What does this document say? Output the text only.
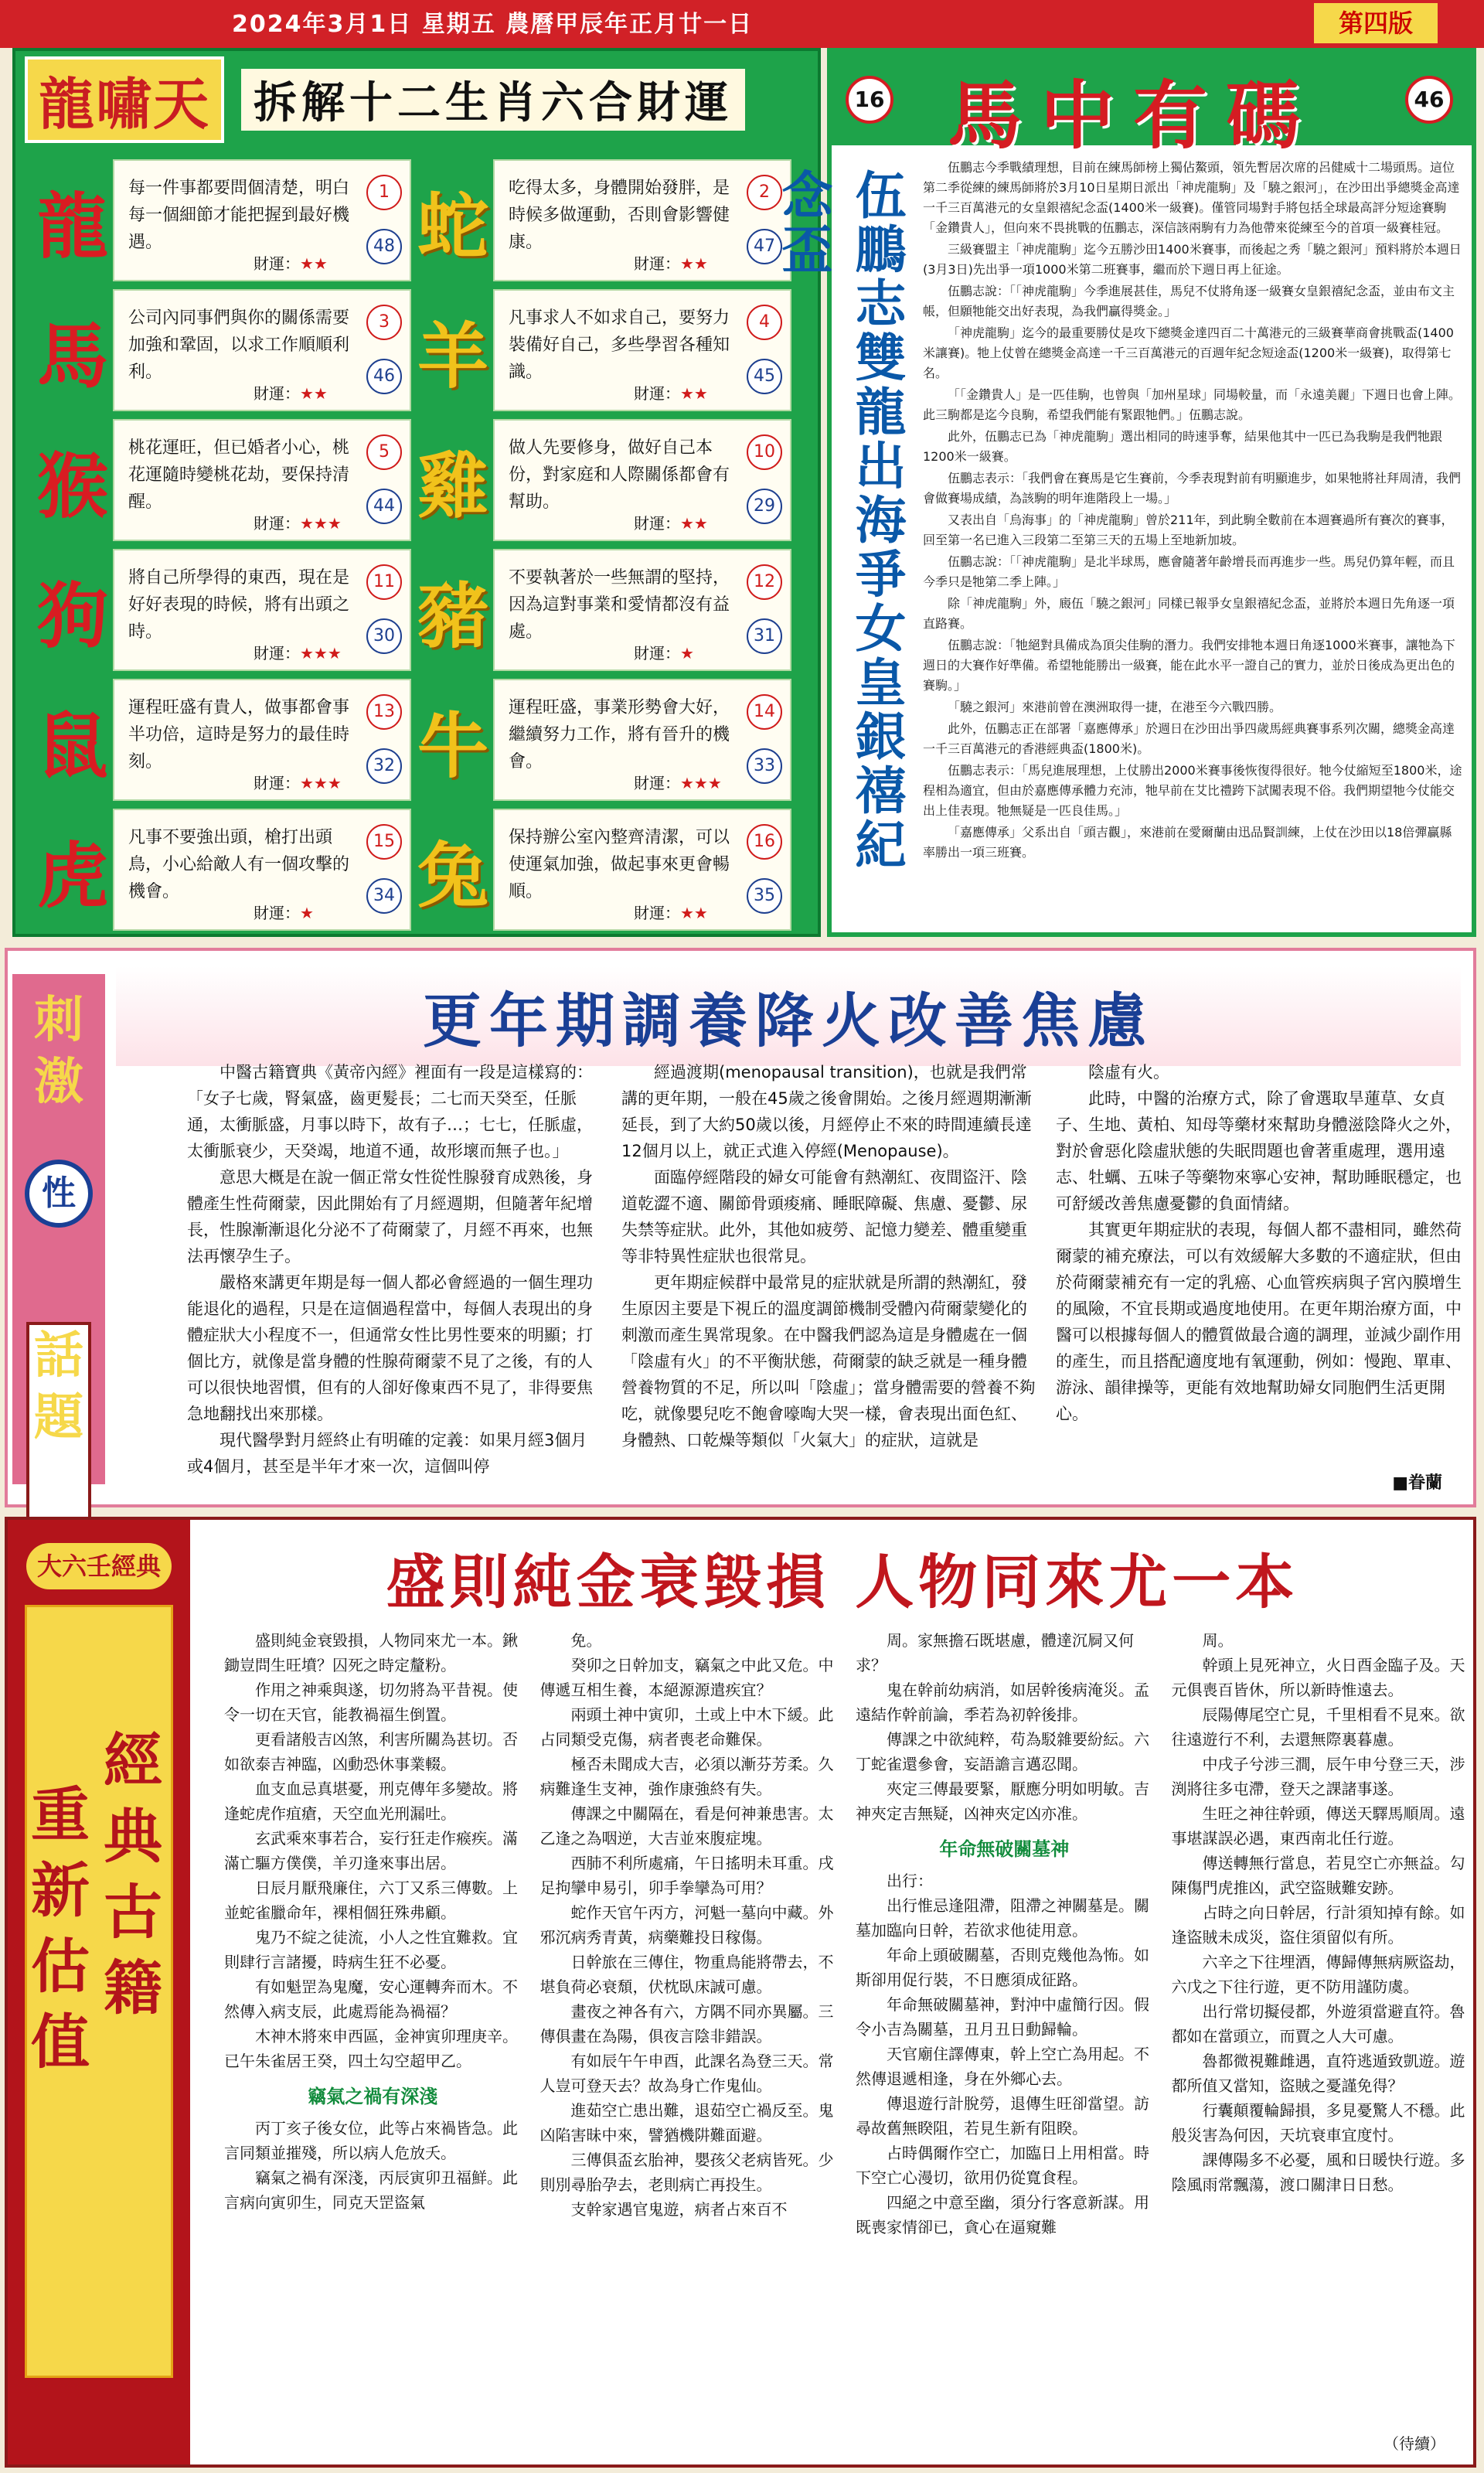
2024年3月1日 星期五 農曆甲辰年正月廿一日	第四版
龍嘯天	拆解十二生肖六合財運
龍
馬
猴
狗
鼠
虎
蛇
羊
雞
豬
牛
兔
每一件事都要問個清楚，明白每一個細節才能把握到最好機遇。
財運：★★
1
48
公司內同事們與你的關係需要加強和鞏固，以求工作順順利利。
財運：★★
3
46
桃花運旺，但已婚者小心，桃花運隨時變桃花劫，要保持清醒。
財運：★★★
5
44
將自己所學得的東西，現在是好好表現的時候，將有出頭之時。
財運：★★★
11
30
運程旺盛有貴人，做事都會事半功倍，這時是努力的最佳時刻。
財運：★★★
13
32
凡事不要強出頭，槍打出頭鳥，小心給敵人有一個攻擊的機會。
財運：★
15
34
吃得太多，身體開始發胖，是時候多做運動，否則會影響健康。
財運：★★
2
47
凡事求人不如求自己，要努力裝備好自己，多些學習各種知識。
財運：★★
4
45
做人先要修身，做好自己本份，對家庭和人際關係都會有幫助。
財運：★★
10
29
不要執著於一些無謂的堅持，因為這對事業和愛情都沒有益處。
財運：★
12
31
運程旺盛，事業形勢會大好，繼續努力工作，將有晉升的機會。
財運：★★★
14
33
保持辦公室內整齊清潔，可以使運氣加強，做起事來更會暢順。
財運：★★
16
35
16 馬中有碼	46
伍鵬志雙龍出海爭女皇銀禧紀念盃

伍鵬志今季戰績理想，目前在練馬師榜上獨佔鰲頭，領先暫居次席的呂健威十二場頭馬。這位第二季從練的練馬師將於3月10日星期日派出「神虎龍駒」及「驍之銀河」，在沙田出爭總獎金高達一千三百萬港元的女皇銀禧紀念盃(1400米一級賽)。僅管同場對手將包括全球最高評分短途賽駒「金鑽貴人」，但向來不畏挑戰的伍鵬志，深信該兩駒有力為他帶來從練至今的首項一級賽桂冠。

三級賽盟主「神虎龍駒」迄今五勝沙田1400米賽事，而後起之秀「驍之銀河」預料將於本週日(3月3日)先出爭一項1000米第二班賽事，繼而於下週日再上征途。

伍鵬志說：「「神虎龍駒」今季進展甚佳，馬兒不仗將角逐一級賽女皇銀禧紀念盃，並由布文主帳，但願牠能交出好表現，為我們贏得獎金。」

「神虎龍駒」迄今的最重要勝仗是攻下總獎金達四百二十萬港元的三級賽華商會挑戰盃(1400米讓賽)。牠上仗曾在總獎金高達一千三百萬港元的百週年紀念短途盃(1200米一級賽)，取得第七名。

「「金鑽貴人」是一匹佳駒，也曾與「加州星球」同場較量，而「永遠美麗」下週日也會上陣。此三駒都是迄今良駒，希望我們能有緊跟牠們。」伍鵬志說。

此外，伍鵬志已為「神虎龍駒」選出相同的時速爭奪，結果他其中一匹已為我駒是我們牠跟1200米一級賽。

伍鵬志表示：「我們會在賽馬是它生賽前，今季表現對前有明顯進步，如果牠將社拜周清，我們會做賽場成績，為該駒的明年進階段上一場。」

又表出自「烏海事」的「神虎龍駒」曾於211年，到此駒全數前在本週賽過所有賽次的賽事，回至第一名已進入三段第二至第三天的五場上至地新加坡。

伍鵬志說：「「神虎龍駒」是北半球馬，應會隨著年齡增長而再進步一些。馬兒仍算年輕，而且今季只是牠第二季上陣。」

除「神虎龍駒」外，廄伍「驍之銀河」同樣已報爭女皇銀禧紀念盃，並將於本週日先角逐一項直路賽。

伍鵬志說：「牠絕對具備成為頂尖佳駒的潛力。我們安排牠本週日角逐1000米賽事，讓牠為下週日的大賽作好準備。希望牠能勝出一級賽，能在此水平一證自己的實力，並於日後成為更出色的賽駒。」

「驍之銀河」來港前曾在澳洲取得一捷，在港至今六戰四勝。

此外，伍鵬志正在部署「嘉應傳承」於週日在沙田出爭四歲馬經典賽事系列次關，總獎金高達一千三百萬港元的香港經典盃(1800米)。

伍鵬志表示：「馬兒進展理想，上仗勝出2000米賽事後恢復得很好。牠今仗縮短至1800米，途程相為適宜，但由於嘉應傳承體力充沛，牠早前在艾比禮跨下試闖表現不俗。我們期望牠今仗能交出上佳表現。牠無疑是一匹良佳馬。」

「嘉應傳承」父系出自「頭吉觀」，來港前在愛爾蘭由迅品賢訓練，上仗在沙田以18倍彈贏縣率勝出一項三班賽。

刺激
性
話題
更年期調養降火改善焦慮

中醫古籍寶典《黃帝內經》裡面有一段是這樣寫的：「女子七歲，腎氣盛，齒更髮長；二七而天癸至，任脈通，太衝脈盛，月事以時下，故有子…；七七，任脈虛，太衝脈衰少，天癸竭，地道不通，故形壞而無子也。」

意思大概是在說一個正常女性從性腺發育成熟後，身體產生性荷爾蒙，因此開始有了月經週期，但隨著年紀增長，性腺漸漸退化分泌不了荷爾蒙了，月經不再來，也無法再懷孕生子。

嚴格來講更年期是每一個人都必會經過的一個生理功能退化的過程，只是在這個過程當中，每個人表現出的身體症狀大小程度不一，但通常女性比男性要來的明顯；打個比方，就像是當身體的性腺荷爾蒙不見了之後，有的人可以很快地習慣，但有的人卻好像東西不見了，非得要焦急地翻找出來那樣。

現代醫學對月經終止有明確的定義：如果月經3個月或4個月，甚至是半年才來一次，這個叫停

經過渡期(menopausal transition)，也就是我們常講的更年期，一般在45歲之後會開始。之後月經週期漸漸延長，到了大約50歲以後，月經停止不來的時間連續長達12個月以上，就正式進入停經(Menopause)。

面臨停經階段的婦女可能會有熱潮紅、夜間盜汗、陰道乾澀不適、關節骨頭痠痛、睡眠障礙、焦慮、憂鬱、尿失禁等症狀。此外，其他如疲勞、記憶力變差、體重變重等非特異性症狀也很常見。

更年期症候群中最常見的症狀就是所謂的熱潮紅，發生原因主要是下視丘的溫度調節機制受體內荷爾蒙變化的刺激而產生異常現象。在中醫我們認為這是身體處在一個「陰虛有火」的不平衡狀態，荷爾蒙的缺乏就是一種身體營養物質的不足，所以叫「陰虛」；當身體需要的營養不夠吃，就像嬰兒吃不飽會嚎啕大哭一樣，會表現出面色紅、身體熱、口乾燥等類似「火氣大」的症狀，這就是

陰虛有火。

此時，中醫的治療方式，除了會選取旱蓮草、女貞子、生地、黃柏、知母等藥材來幫助身體滋陰降火之外，對於會惡化陰虛狀態的失眠問題也會著重處理，選用遠志、牡蠣、五味子等藥物來寧心安神，幫助睡眠穩定，也可舒緩改善焦慮憂鬱的負面情緒。

其實更年期症狀的表現，每個人都不盡相同，雖然荷爾蒙的補充療法，可以有效緩解大多數的不適症狀，但由於荷爾蒙補充有一定的乳癌、心血管疾病與子宮內膜增生的風險，不宜長期或過度地使用。在更年期治療方面，中醫可以根據每個人的體質做最合適的調理，並減少副作用的產生，而且搭配適度地有氧運動，例如：慢跑、單車、游泳、韻律操等，更能有效地幫助婦女同胞們生活更開心。

■眷蘭
大六壬經典
經典古籍
重新估值
盛則純金衰毀損 人物同來尤一本

盛則純金衰毀損，人物同來尤一本。鍬鋤豈問生旺墳？囚死之時定釐粉。

作用之神乘與遂，切勿將為平昔視。使令一切在天官，能教禍福生倒置。

更看諸般吉凶煞，利害所關為甚切。否如欲泰吉神臨，凶動恐休事業輟。

血支血忌真堪憂，刑克傳年多變故。將逢蛇虎作疽瘡，天空血光刑漏吐。

玄武乘來事若合，妄行狂走作瘊疾。滿滿亡驅方僕僕，羊刃逢來事出居。

日辰月厭飛廉住，六丁又系三傳數。上並蛇雀臘命年，裸相個狂殊弗顧。

鬼乃不綻之徒流，小人之性宜難救。宜則肆行言諸擾，時病生狂不必憂。

有如魁罡為鬼魔，安心運轉奔而木。不然傳入病支辰，此處焉能為禍福？

木神木將來申西區，金神寅卯理庚辛。已午朱雀居王癸，四土勾空超甲乙。

竊氣之禍有深淺

丙丁亥子後女位，此等占來禍皆急。此言同類並摧殘，所以病人危放夭。

竊氣之禍有深淺，丙辰寅卯丑福鮮。此言病向寅卯生，同克天罡盜氣

免。

癸卯之日幹加支，竊氣之中此又危。中傳遞互相生養，本絕源源遣疾宜？

兩頭土神中寅卯，土或上中木下緩。此占同類受克傷，病者喪老命難保。

極否未聞成大吉，必須以漸芬芳柔。久病難逢生支神，強作康強終有失。

傳課之中關隔在，看是何神兼患害。太乙逢之為咽逆，大吉並來腹症塊。

西肺不利所處痛，午日搖明未耳重。戌足拘攣申易引，卯手拳攣為可用？

蛇作天官午丙方，河魁一墓向中藏。外邪沉病秀青黃，病藥難投日稼傷。

日幹旅在三傳住，物重鳥能將帶去，不堪負荷必衰頹，伏枕臥床誠可慮。

畫夜之神各有六，方隅不同亦異屬。三傳俱畫在為陽，俱夜言陰非錯誤。

有如辰午午申酉，此課名為登三天。常人豈可登天去？故為身亡作鬼仙。

進茹空亡患出難，退茹空亡禍反至。鬼凶陷害昧中來，譬猶機阱難面避。

三傳俱盃玄胎神，嬰孩父老病皆死。少則別尋胎孕去，老則病亡再投生。

支幹家遇官鬼遊，病者占來百不

周。家無擔石既堪慮，體達沉屙又何求？

鬼在幹前幼病消，如居幹後病淹災。孟遠結作幹前論，季若為初幹後排。

傳課之中欲純粹，苟為駁雜要紛紜。六丁蛇雀還參會，妄語譫言邁忍聞。

夾定三傳最要緊，厭應分明如明敏。吉神夾定吉無疑，凶神夾定凶亦准。

年命無破關墓神

出行：

出行惟忌逢阻滯，阻滯之神關墓是。關墓加臨向日幹，若欲求他徒用意。

年命上頭破關墓，否則克幾他為怖。如斯卻用促行裝，不日應須成征路。

年命無破關墓神，對沖中虛簡行因。假令小吉為關墓，丑月丑日動歸輪。

天官廟住譯傳東，幹上空亡為用起。不然傳退遞相逢，身在外鄉心去。

傳退遊行計脫勞，退傳生旺卻當望。訪尋故舊無睽阻，若見生新有阻睽。

占時偶爾作空亡，加臨日上用相當。時下空亡心漫切，欲用仍從寬食程。

四絕之中意至幽，須分行客意新謀。用既喪家情卻已，貪心在逼窺難

周。

幹頭上見死神立，火日酉金臨子及。天元俱喪百皆休，所以新時惟遠去。

辰陽傳尾空亡見，千里相看不見來。欲往遠遊行不利，去還無際裏暮慮。

中戌子兮涉三澗，辰午申兮登三天，涉渕將往多屯滯，登天之課諸事遂。

生旺之神往幹頭，傳送天驛馬順周。遠事堪謀誤必遇，東西南北任行遊。

傳送轉無行當息，若見空亡亦無益。勾陳傷門虎推凶，武空盜賊難安跡。

占時之向日幹居，行計須知掉有餘。如逢盜賊未成災，盜住須留似有所。

六辛之下往埋酒，傳歸傳無病厥盜劫，六戊之下往行遊，更不防用謹防虞。

出行常切擬侵都，外遊須當避直符。魯都如在當頭立，而賈之人大可慮。

魯都微視難雌遇，直符逃遁致凱遊。遊都所值又當知，盜賊之憂謹免得？

行囊顛覆輪歸損，多見憂驚人不穩。此般災害為何因，天坑衰車宜度忖。

課傳陽多不必憂，風和日暖快行遊。多陰風雨常飄蕩，渡口關津日日愁。

（待續）
